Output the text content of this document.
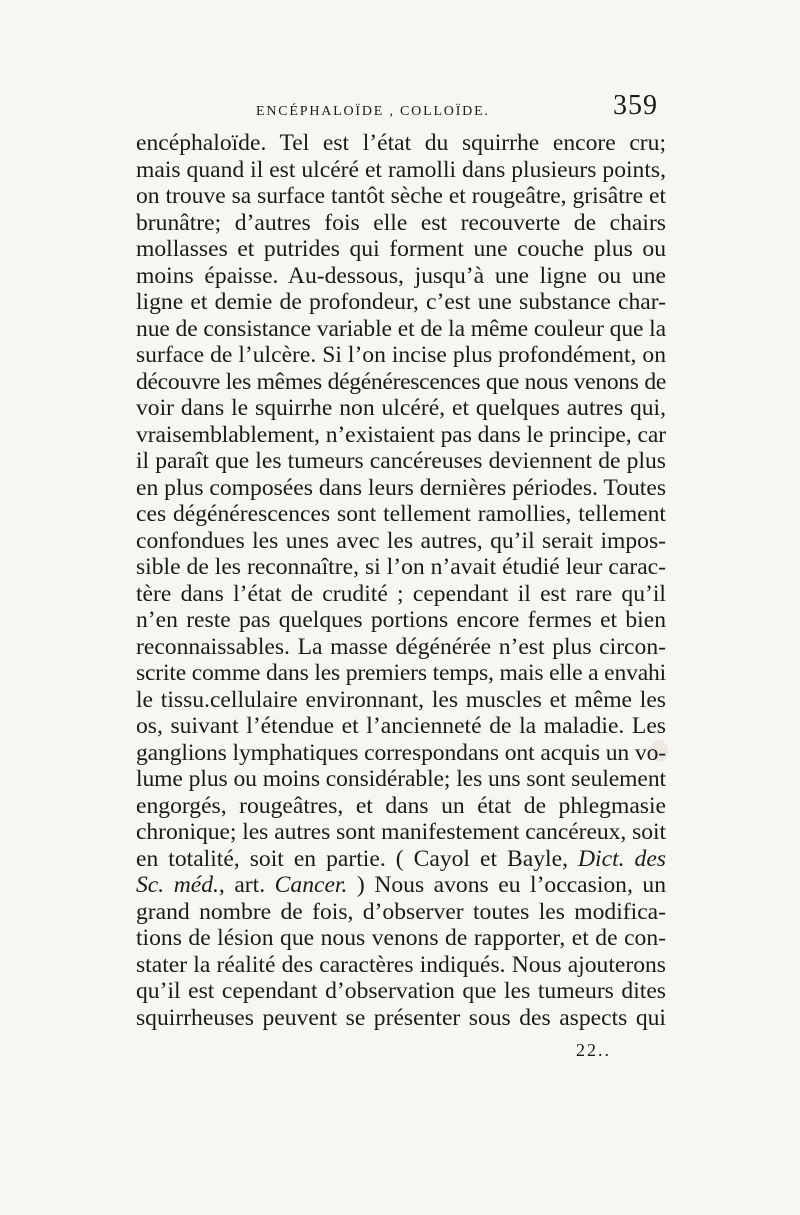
ENCÉPHALOÏDE , COLLOÏDE.	359
encéphaloïde. Tel est l’état du squirrhe encore cru;
mais quand il est ulcéré et ramolli dans plusieurs points,
on trouve sa surface tantôt sèche et rougeâtre, grisâtre et
brunâtre; d’autres fois elle est recouverte de chairs
mollasses et putrides qui forment une couche plus ou
moins épaisse. Au-dessous, jusqu’à une ligne ou une
ligne et demie de profondeur, c’est une substance char-
nue de consistance variable et de la même couleur que la
surface de l’ulcère. Si l’on incise plus profondément, on
découvre les mêmes dégénérescences que nous venons de
voir dans le squirrhe non ulcéré, et quelques autres qui,
vraisemblablement, n’existaient pas dans le principe, car
il paraît que les tumeurs cancéreuses deviennent de plus
en plus composées dans leurs dernières périodes. Toutes
ces dégénérescences sont tellement ramollies, tellement
confondues les unes avec les autres, qu’il serait impos-
sible de les reconnaître, si l’on n’avait étudié leur carac-
tère dans l’état de crudité ; cependant il est rare qu’il
n’en reste pas quelques portions encore fermes et bien
reconnaissables. La masse dégénérée n’est plus circon-
scrite comme dans les premiers temps, mais elle a envahi
le tissu.cellulaire environnant, les muscles et même les
os, suivant l’étendue et l’ancienneté de la maladie. Les
ganglions lymphatiques correspondans ont acquis un vo-
lume plus ou moins considérable; les uns sont seulement
engorgés, rougeâtres, et dans un état de phlegmasie
chronique; les autres sont manifestement cancéreux, soit
en totalité, soit en partie. ( Cayol et Bayle, Dict. des
Sc. méd., art. Cancer. ) Nous avons eu l’occasion, un
grand nombre de fois, d’observer toutes les modifica-
tions de lésion que nous venons de rapporter, et de con-
stater la réalité des caractères indiqués. Nous ajouterons
qu’il est cependant d’observation que les tumeurs dites
squirrheuses peuvent se présenter sous des aspects qui
22..
